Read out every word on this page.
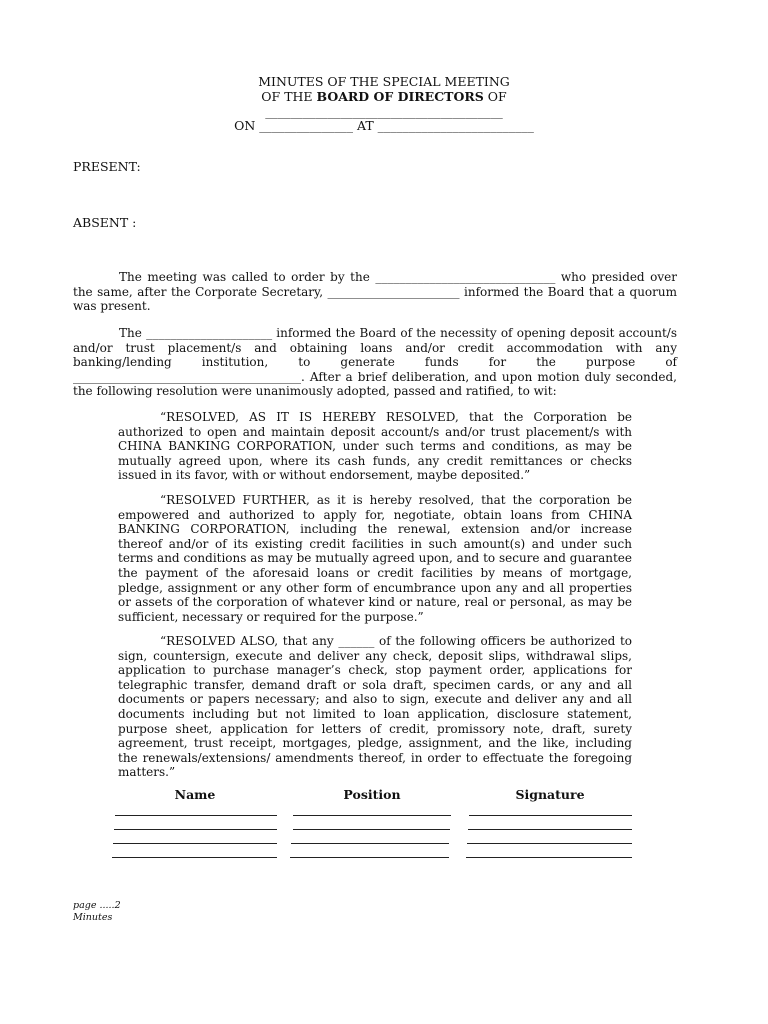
MINUTES OF THE SPECIAL MEETING
OF THE BOARD OF DIRECTORS OF
______________________________________
ON _______________ AT _________________________
PRESENT:
ABSENT :

The meeting was called to order by the ______________________________ who presided over the same, after the Corporate Secretary, ______________________ informed the Board that a quorum was present.

The _____________________ informed the Board of the necessity of opening deposit account/s and/or trust placement/s and obtaining loans and/or credit accommodation with any banking/lending institution, to generate funds for the purpose of ______________________________________. After a brief deliberation, and upon motion duly seconded, the following resolution were unanimously adopted, passed and ratified, to wit:

“RESOLVED, AS IT IS HEREBY RESOLVED, that the Corporation be authorized to open and maintain deposit account/s and/or trust placement/s with CHINA BANKING CORPORATION, under such terms and conditions, as may be mutually agreed upon, where its cash funds, any credit remittances or checks issued in its favor, with or without endorsement, maybe deposited.”

“RESOLVED FURTHER, as it is hereby resolved, that the corporation be empowered and authorized to apply for, negotiate, obtain loans from CHINA BANKING CORPORATION, including the renewal, extension and/or increase thereof and/or of its existing credit facilities in such amount(s) and under such terms and conditions as may be mutually agreed upon, and to secure and guarantee the payment of the aforesaid loans or credit facilities by means of mortgage, pledge, assignment or any other form of encumbrance upon any and all properties or assets of the corporation of whatever kind or nature, real or personal, as may be sufficient, necessary or required for the purpose.”

“RESOLVED ALSO, that any ______ of the following officers be authorized to sign, countersign, execute and deliver any check, deposit slips, withdrawal slips, application to purchase manager’s check, stop payment order, applications for telegraphic transfer, demand draft or sola draft, specimen cards, or any and all documents or papers necessary; and also to sign, execute and deliver any and all documents including but not limited to loan application, disclosure statement, purpose sheet, application for letters of credit, promissory note, draft, surety agreement, trust receipt, mortgages, pledge, assignment, and the like, including the renewals/extensions/ amendments thereof, in order to effectuate the foregoing matters.”

Name	Position	Signature
page .....2
Minutes
